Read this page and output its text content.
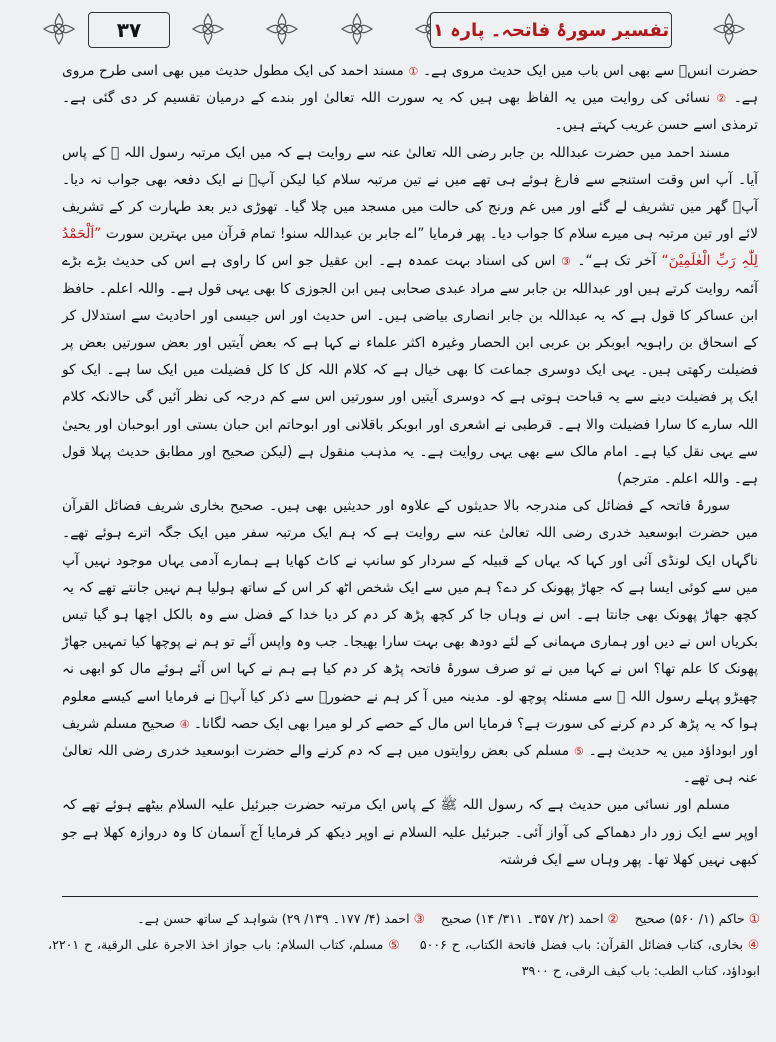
۳۷	تفسیر سورۂ فاتحہ۔ پارہ ۱

حضرت انسؓ سے بھی اس باب میں ایک حدیث مروی ہے۔ ① مسند احمد کی ایک مطول حدیث میں بھی اسی طرح مروی ہے۔ ② نسائی کی روایت میں یہ الفاظ بھی ہیں کہ یہ سورت اللہ تعالیٰ اور بندے کے درمیان تقسیم کر دی گئی ہے۔ ترمذی اسے حسن غریب کہتے ہیں۔

مسند احمد میں حضرت عبداللہ بن جابر رضی اللہ تعالیٰ عنہ سے روایت ہے کہ میں ایک مرتبہ رسول اللہ ﷺ کے پاس آیا۔ آپ اس وقت استنجے سے فارغ ہوئے ہی تھے میں نے تین مرتبہ سلام کیا لیکن آپؐ نے ایک دفعہ بھی جواب نہ دیا۔ آپؐ گھر میں تشریف لے گئے اور میں غم ورنج کی حالت میں مسجد میں چلا گیا۔ تھوڑی دیر بعد طہارت کر کے تشریف لائے اور تین مرتبہ ہی میرے سلام کا جواب دیا۔ پھر فرمایا ”اے جابر بن عبداللہ سنو! تمام قرآن میں بہترین سورت ”اَلْحَمْدُ لِلّٰہِ رَبِّ الْعٰلَمِیْنَ“ آخر تک ہے“۔ ③ اس کی اسناد بہت عمدہ ہے۔ ابن عقیل جو اس کا راوی ہے اس کی حدیث بڑے بڑے آئمہ روایت کرتے ہیں اور عبداللہ بن جابر سے مراد عبدی صحابی ہیں ابن الجوزی کا بھی یہی قول ہے۔ واللہ اعلم۔ حافظ ابن عساکر کا قول ہے کہ یہ عبداللہ بن جابر انصاری بیاضی ہیں۔ اس حدیث اور اس جیسی اور احادیث سے استدلال کر کے اسحاق بن راہویہ ابوبکر بن عربی ابن الحصار وغیرہ اکثر علماء نے کہا ہے کہ بعض آیتیں اور بعض سورتیں بعض پر فضیلت رکھتی ہیں۔ یہی ایک دوسری جماعت کا بھی خیال ہے کہ کلام اللہ کل کا کل فضیلت میں ایک سا ہے۔ ایک کو ایک پر فضیلت دینے سے یہ قباحت ہوتی ہے کہ دوسری آیتیں اور سورتیں اس سے کم درجہ کی نظر آئیں گی حالانکہ کلام اللہ سارے کا سارا فضیلت والا ہے۔ قرطبی نے اشعری اور ابوبکر باقلانی اور ابوحاتم ابن حبان بستی اور ابوحبان اور یحییٰ سے یہی نقل کیا ہے۔ امام مالک سے بھی یہی روایت ہے۔ یہ مذہب منقول ہے (لیکن صحیح اور مطابق حدیث پہلا قول ہے۔ واللہ اعلم۔ مترجم)

سورۂ فاتحہ کے فضائل کی مندرجہ بالا حدیثوں کے علاوہ اور حدیثیں بھی ہیں۔ صحیح بخاری شریف فضائل القرآن میں حضرت ابوسعید خدری رضی اللہ تعالیٰ عنہ سے روایت ہے کہ ہم ایک مرتبہ سفر میں ایک جگہ اترے ہوئے تھے۔ ناگہاں ایک لونڈی آئی اور کہا کہ یہاں کے قبیلہ کے سردار کو سانپ نے کاٹ کھایا ہے ہمارے آدمی یہاں موجود نہیں آپ میں سے کوئی ایسا ہے کہ جھاڑ پھونک کر دے؟ ہم میں سے ایک شخص اٹھ کر اس کے ساتھ ہولیا ہم نہیں جانتے تھے کہ یہ کچھ جھاڑ پھونک بھی جانتا ہے۔ اس نے وہاں جا کر کچھ پڑھ کر دم کر دیا خدا کے فضل سے وہ بالکل اچھا ہو گیا تیس بکریاں اس نے دیں اور ہماری مہمانی کے لئے دودھ بھی بہت سارا بھیجا۔ جب وہ واپس آئے تو ہم نے پوچھا کیا تمہیں جھاڑ پھونک کا علم تھا؟ اس نے کہا میں نے تو صرف سورۂ فاتحہ پڑھ کر دم کیا ہے ہم نے کہا اس آئے ہوئے مال کو ابھی نہ چھیڑو پہلے رسول اللہ ﷺ سے مسئلہ پوچھ لو۔ مدینہ میں آ کر ہم نے حضورؐ سے ذکر کیا آپؐ نے فرمایا اسے کیسے معلوم ہوا کہ یہ پڑھ کر دم کرنے کی سورت ہے؟ فرمایا اس مال کے حصے کر لو میرا بھی ایک حصہ لگانا۔ ④ صحیح مسلم شریف اور ابوداؤد میں یہ حدیث ہے۔ ⑤ مسلم کی بعض روایتوں میں ہے کہ دم کرنے والے حضرت ابوسعید خدری رضی اللہ تعالیٰ عنہ ہی تھے۔

مسلم اور نسائی میں حدیث ہے کہ رسول اللہ ﷺ کے پاس ایک مرتبہ حضرت جبرئیل علیہ السلام بیٹھے ہوئے تھے کہ اوپر سے ایک زور دار دھماکے کی آواز آئی۔ جبرئیل علیہ السلام نے اوپر دیکھ کر فرمایا آج آسمان کا وہ دروازہ کھلا ہے جو کبھی نہیں کھلا تھا۔ پھر وہاں سے ایک فرشتہ

① حاکم (۱/ ۵۶۰) صحیح    ② احمد (۲/ ۳۵۷۔ ۳۱۱/ ۱۴) صحیح    ③ احمد (۴/ ۱۷۷۔ ۱۳۹/ ۲۹) شواہد کے ساتھ حسن ہے۔

④ بخاری، کتاب فضائل القرآن: باب فضل فاتحة الکتاب، ح ۵۰۰۶    ⑤ مسلم، کتاب السلام: باب جواز اخذ الاجرة علی الرقیة، ح ۲۲۰۱، ابوداؤد، کتاب الطب: باب کیف الرقی، ح ۳۹۰۰
